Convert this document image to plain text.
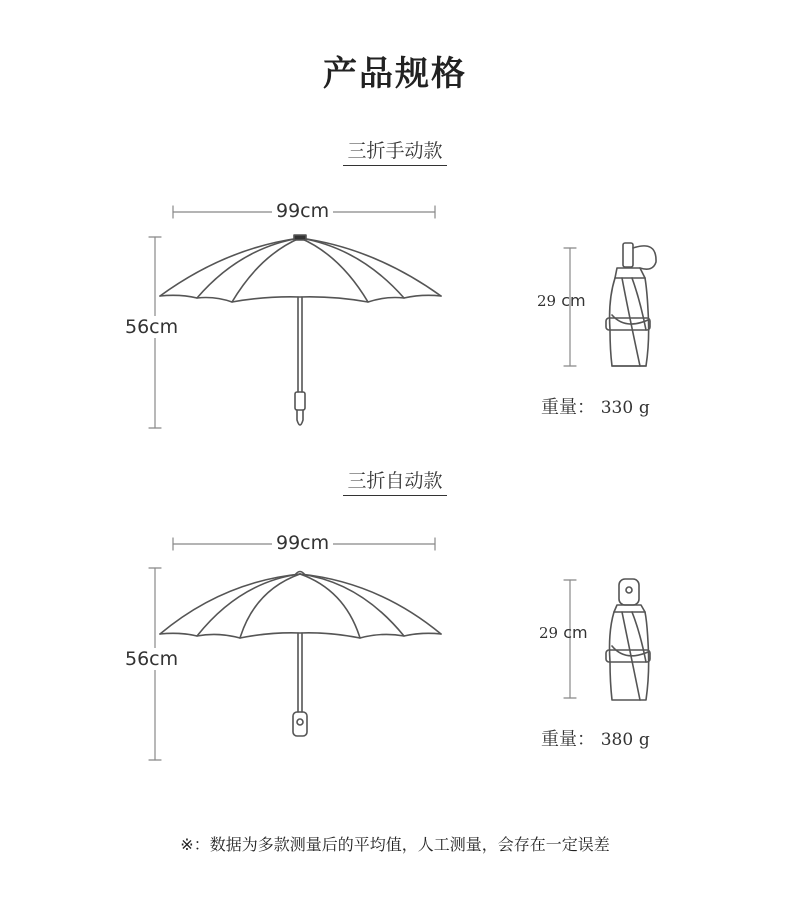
产品规格
三折手动款
99cm
56cm
29 cm
重量： 330 g
三折自动款
99cm
56cm
29 cm
重量： 380 g
※：数据为多款测量后的平均值，人工测量，会存在一定误差
